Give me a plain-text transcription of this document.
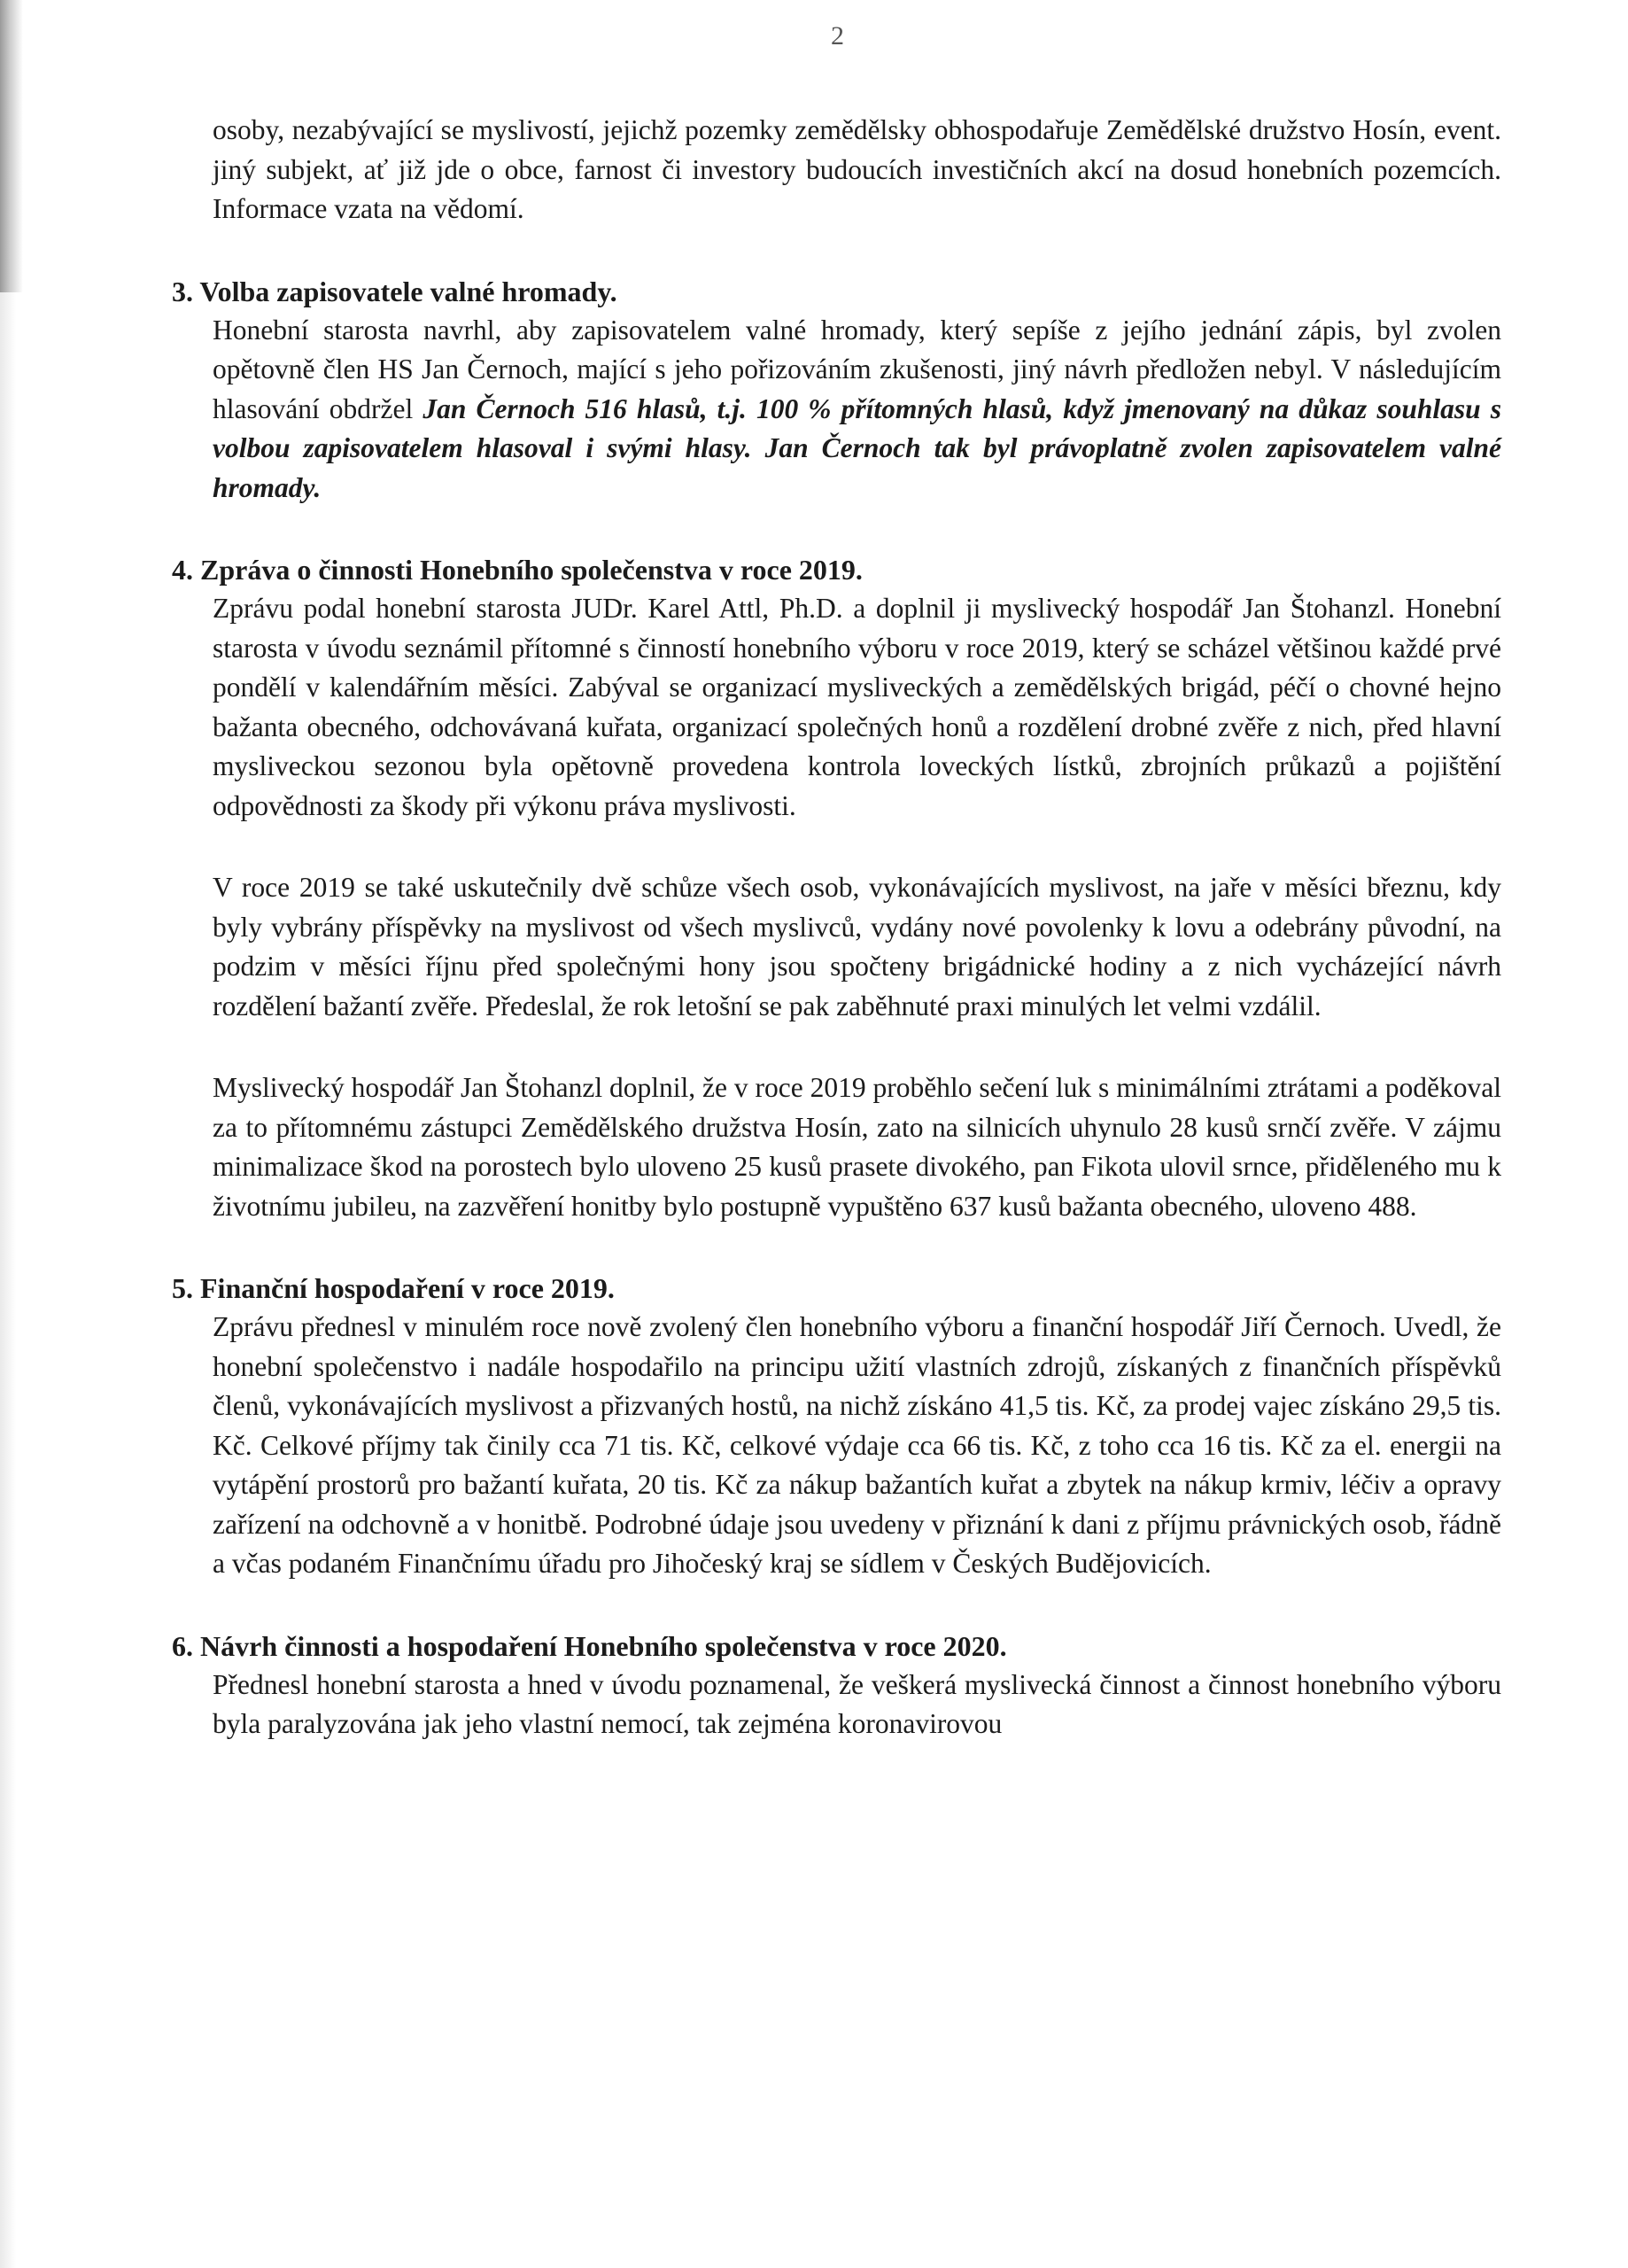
2

osoby, nezabývající se myslivostí, jejichž pozemky zemědělsky obhospodařuje Zemědělské družstvo Hosín, event. jiný subjekt, ať již jde o obce, farnost či investory budoucích investičních akcí na dosud honebních pozemcích. Informace vzata na vědomí.

3. Volba zapisovatele valné hromady.

Honební starosta navrhl, aby zapisovatelem valné hromady, který sepíše z jejího jednání zápis, byl zvolen opětovně člen HS Jan Černoch, mající s jeho pořizováním zkušenosti, jiný návrh předložen nebyl. V následujícím hlasování obdržel Jan Černoch 516 hlasů, t.j. 100 % přítomných hlasů, když jmenovaný na důkaz souhlasu s volbou zapisovatelem hlasoval i svými hlasy. Jan Černoch tak byl právoplatně zvolen zapisovatelem valné hromady.

4. Zpráva o činnosti Honebního společenstva v roce 2019.

Zprávu podal honební starosta JUDr. Karel Attl, Ph.D. a doplnil ji myslivecký hospodář Jan Štohanzl. Honební starosta v úvodu seznámil přítomné s činností honebního výboru v roce 2019, který se scházel většinou každé prvé pondělí v kalendářním měsíci. Zabýval se organizací mysliveckých a zemědělských brigád, péčí o chovné hejno bažanta obecného, odchovávaná kuřata, organizací společných honů a rozdělení drobné zvěře z nich, před hlavní mysliveckou sezonou byla opětovně provedena kontrola loveckých lístků, zbrojních průkazů a pojištění odpovědnosti za škody při výkonu práva myslivosti.

V roce 2019 se také uskutečnily dvě schůze všech osob, vykonávajících myslivost, na jaře v měsíci březnu, kdy byly vybrány příspěvky na myslivost od všech myslivců, vydány nové povolenky k lovu a odebrány původní, na podzim v měsíci říjnu před společnými hony jsou spočteny brigádnické hodiny a z nich vycházející návrh rozdělení bažantí zvěře. Předeslal, že rok letošní se pak zaběhnuté praxi minulých let velmi vzdálil.

Myslivecký hospodář Jan Štohanzl doplnil, že v roce 2019 proběhlo sečení luk s minimálními ztrátami a poděkoval za to přítomnému zástupci Zemědělského družstva Hosín, zato na silnicích uhynulo 28 kusů srnčí zvěře. V zájmu minimalizace škod na porostech bylo uloveno 25 kusů prasete divokého, pan Fikota ulovil srnce, přiděleného mu k životnímu jubileu, na zazvěření honitby bylo postupně vypuštěno 637 kusů bažanta obecného, uloveno 488.

5. Finanční hospodaření v roce 2019.

Zprávu přednesl v minulém roce nově zvolený člen honebního výboru a finanční hospodář Jiří Černoch. Uvedl, že honební společenstvo i nadále hospodařilo na principu užití vlastních zdrojů, získaných z finančních příspěvků členů, vykonávajících myslivost a přizvaných hostů, na nichž získáno 41,5 tis. Kč, za prodej vajec získáno 29,5 tis. Kč. Celkové příjmy tak činily cca 71 tis. Kč, celkové výdaje cca 66 tis. Kč, z toho cca 16 tis. Kč za el. energii na vytápění prostorů pro bažantí kuřata, 20 tis. Kč za nákup bažantích kuřat a zbytek na nákup krmiv, léčiv a opravy zařízení na odchovně a v honitbě. Podrobné údaje jsou uvedeny v přiznání k dani z příjmu právnických osob, řádně a včas podaném Finančnímu úřadu pro Jihočeský kraj se sídlem v Českých Budějovicích.

6. Návrh činnosti a hospodaření Honebního společenstva v roce 2020.

Přednesl honební starosta a hned v úvodu poznamenal, že veškerá myslivecká činnost a činnost honebního výboru byla paralyzována jak jeho vlastní nemocí, tak zejména koronavirovou
